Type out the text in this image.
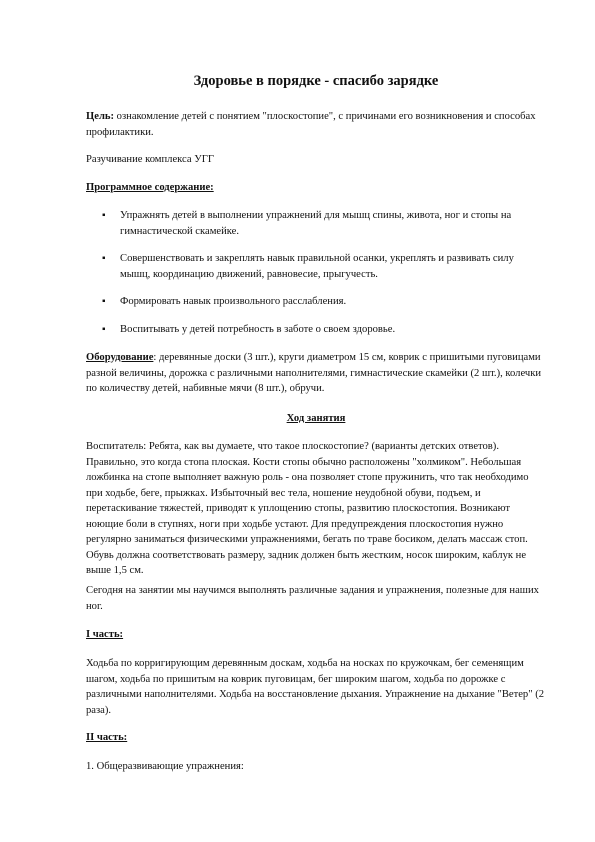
Здоровье в порядке - спасибо зарядке
Цель: ознакомление детей с понятием "плоскостопие", с причинами его возникновения и способах профилактики.
Разучивание комплекса УГГ
Программное содержание:
▪ Упражнять детей в выполнении упражнений для мышц спины, живота, ног и стопы на гимнастической скамейке.
▪ Совершенствовать и закреплять навык правильной осанки, укреплять и развивать силу мышц, координацию движений, равновесие, прыгучесть.
▪ Формировать навык произвольного расслабления.
▪ Воспитывать у детей потребность в заботе о своем здоровье.
Оборудование: деревянные доски (3 шт.), круги диаметром 15 см, коврик с пришитыми пуговицами разной величины, дорожка с различными наполнителями, гимнастические скамейки (2 шт.), колечки по количеству детей, набивные мячи (8 шт.), обручи.
Ход занятия
Воспитатель: Ребята, как вы думаете, что такое плоскостопие? (варианты детских ответов). Правильно, это когда стопа плоская. Кости стопы обычно расположены "холмиком". Небольшая ложбинка на стопе выполняет важную роль - она позволяет стопе пружинить, что так необходимо при ходьбе, беге, прыжках. Избыточный вес тела, ношение неудобной обуви, подъем, и перетаскивание тяжестей, приводят к уплощению стопы, развитию плоскостопия. Возникают ноющие боли в ступнях, ноги при ходьбе устают. Для предупреждения плоскостопия нужно регулярно заниматься физическими упражнениями, бегать по траве босиком, делать массаж стоп. Обувь должна соответствовать размеру, задник должен быть жестким, носок широким, каблук не выше 1,5 см.
Сегодня на занятии мы научимся выполнять различные задания и упражнения, полезные для наших ног.
I часть:
Ходьба по корригирующим деревянным доскам, ходьба на носках по кружочкам, бег семенящим шагом, ходьба по пришитым на коврик пуговицам, бег широким шагом, ходьба по дорожке с различными наполнителями. Ходьба на восстановление дыхания. Упражнение на дыхание "Ветер" (2 раза).
II часть:
1. Общеразвивающие упражнения:
